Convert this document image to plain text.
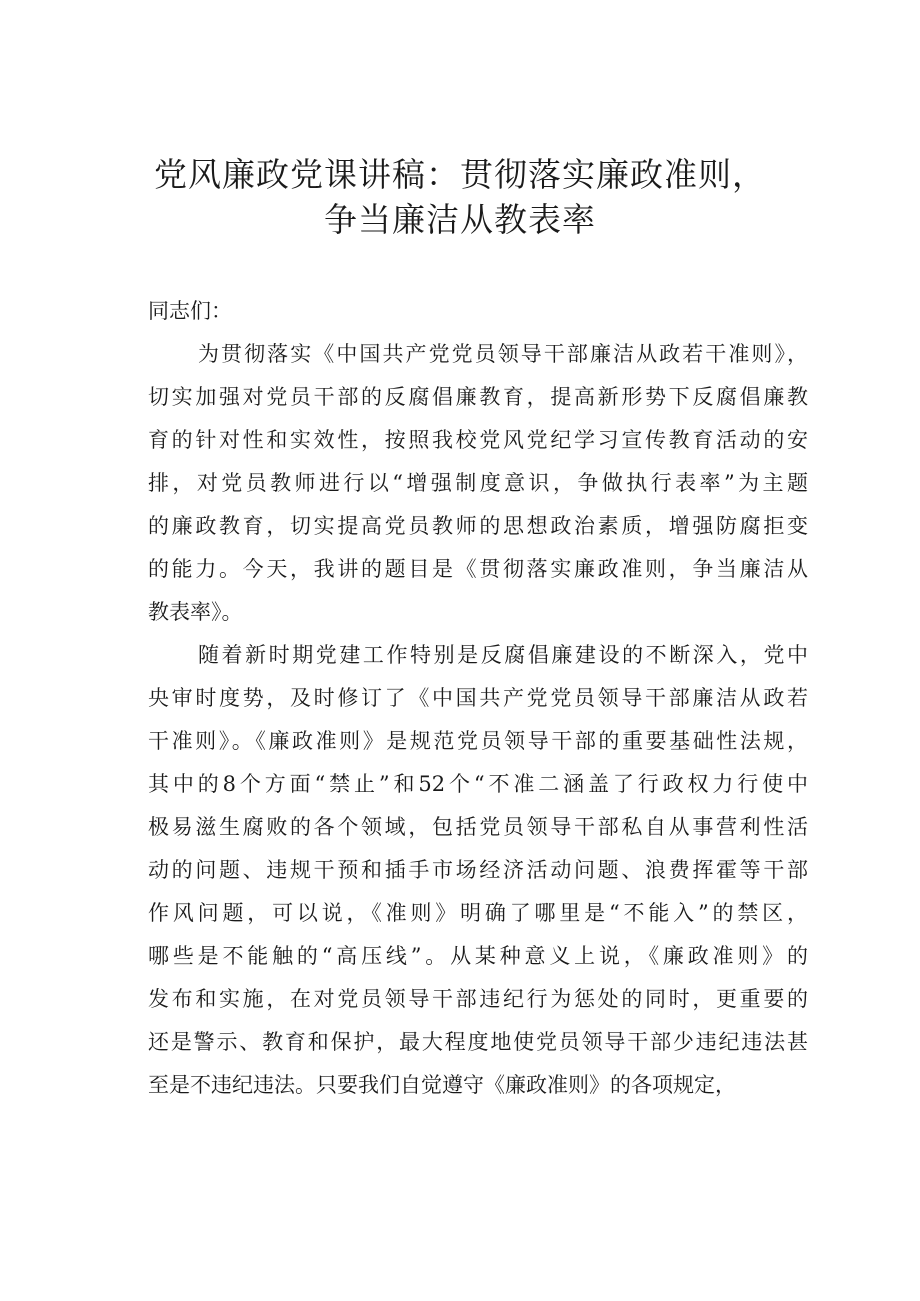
党风廉政党课讲稿：贯彻落实廉政准则，
争当廉洁从教表率
同志们：
为贯彻落实《中国共产党党员领导干部廉洁从政若干准则》，
切实加强对党员干部的反腐倡廉教育，提高新形势下反腐倡廉教
育的针对性和实效性，按照我校党风党纪学习宣传教育活动的安
排，对党员教师进行以“增强制度意识，争做执行表率”为主题
的廉政教育，切实提高党员教师的思想政治素质，增强防腐拒变
的能力。今天，我讲的题目是《贯彻落实廉政准则，争当廉洁从
教表率》。
随着新时期党建工作特别是反腐倡廉建设的不断深入，党中
央审时度势，及时修订了《中国共产党党员领导干部廉洁从政若
干准则》。《廉政准则》是规范党员领导干部的重要基础性法规，
其中的8个方面“禁止”和52个“不准二涵盖了行政权力行使中
极易滋生腐败的各个领域，包括党员领导干部私自从事营利性活
动的问题、违规干预和插手市场经济活动问题、浪费挥霍等干部
作风问题，可以说，《准则》明确了哪里是“不能入”的禁区，
哪些是不能触的“高压线”。从某种意义上说，《廉政准则》的
发布和实施，在对党员领导干部违纪行为惩处的同时，更重要的
还是警示、教育和保护，最大程度地使党员领导干部少违纪违法甚
至是不违纪违法。只要我们自觉遵守《廉政准则》的各项规定，
